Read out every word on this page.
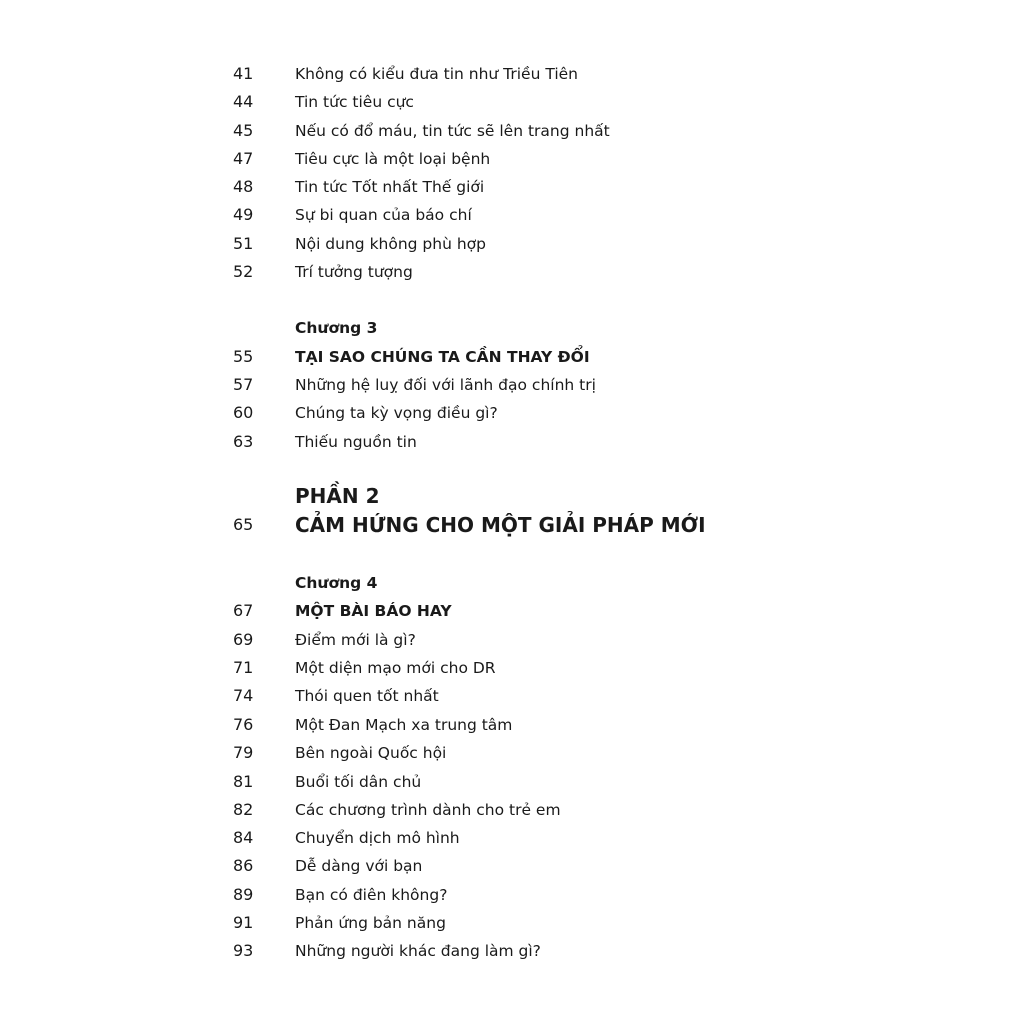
41	Không có kiểu đưa tin như Triều Tiên
44	Tin tức tiêu cực
45	Nếu có đổ máu, tin tức sẽ lên trang nhất
47	Tiêu cực là một loại bệnh
48	Tin tức Tốt nhất Thế giới
49	Sự bi quan của báo chí
51	Nội dung không phù hợp
52	Trí tưởng tượng
Chương 3
55	TẠI SAO CHÚNG TA CẦN THAY ĐỔI
57	Những hệ luỵ đối với lãnh đạo chính trị
60	Chúng ta kỳ vọng điều gì?
63	Thiếu nguồn tin
PHẦN 2
65 CẢM HỨNG CHO MỘT GIẢI PHÁP MỚI
Chương 4
67	MỘT BÀI BÁO HAY
69	Điểm mới là gì?
71	Một diện mạo mới cho DR
74	Thói quen tốt nhất
76	Một Đan Mạch xa trung tâm
79	Bên ngoài Quốc hội
81	Buổi tối dân chủ
82	Các chương trình dành cho trẻ em
84	Chuyển dịch mô hình
86	Dễ dàng với bạn
89	Bạn có điên không?
91	Phản ứng bản năng
93	Những người khác đang làm gì?
